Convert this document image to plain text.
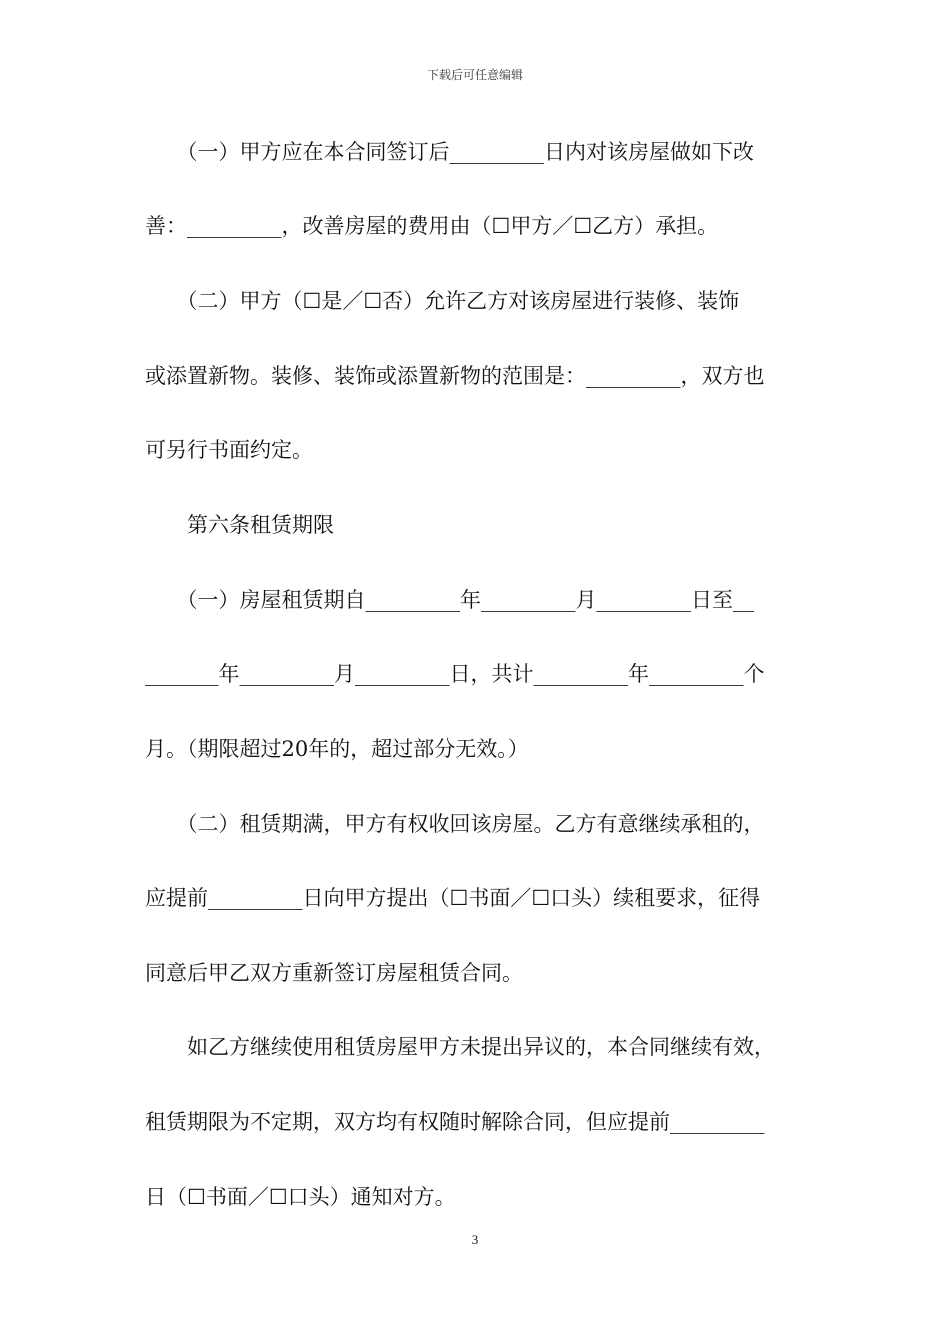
下载后可任意编辑
　　（一）甲方应在本合同签订后_________日内对该房屋做如下改
善：_________，改善房屋的费用由（☐甲方／☐乙方）承担。
　　（二）甲方（☐是／☐否）允许乙方对该房屋进行装修、装饰
或添置新物。装修、装饰或添置新物的范围是：_________，双方也
可另行书面约定。
　　第六条租赁期限
　　（一）房屋租赁期自_________年_________月_________日至__
_______年_________月_________日，共计_________年_________个
月。（期限超过20年的，超过部分无效。）
　　（二）租赁期满，甲方有权收回该房屋。乙方有意继续承租的，
应提前_________日向甲方提出（☐书面／☐口头）续租要求，征得
同意后甲乙双方重新签订房屋租赁合同。
　　如乙方继续使用租赁房屋甲方未提出异议的，本合同继续有效，
租赁期限为不定期，双方均有权随时解除合同，但应提前_________
日（☐书面／☐口头）通知对方。
3
